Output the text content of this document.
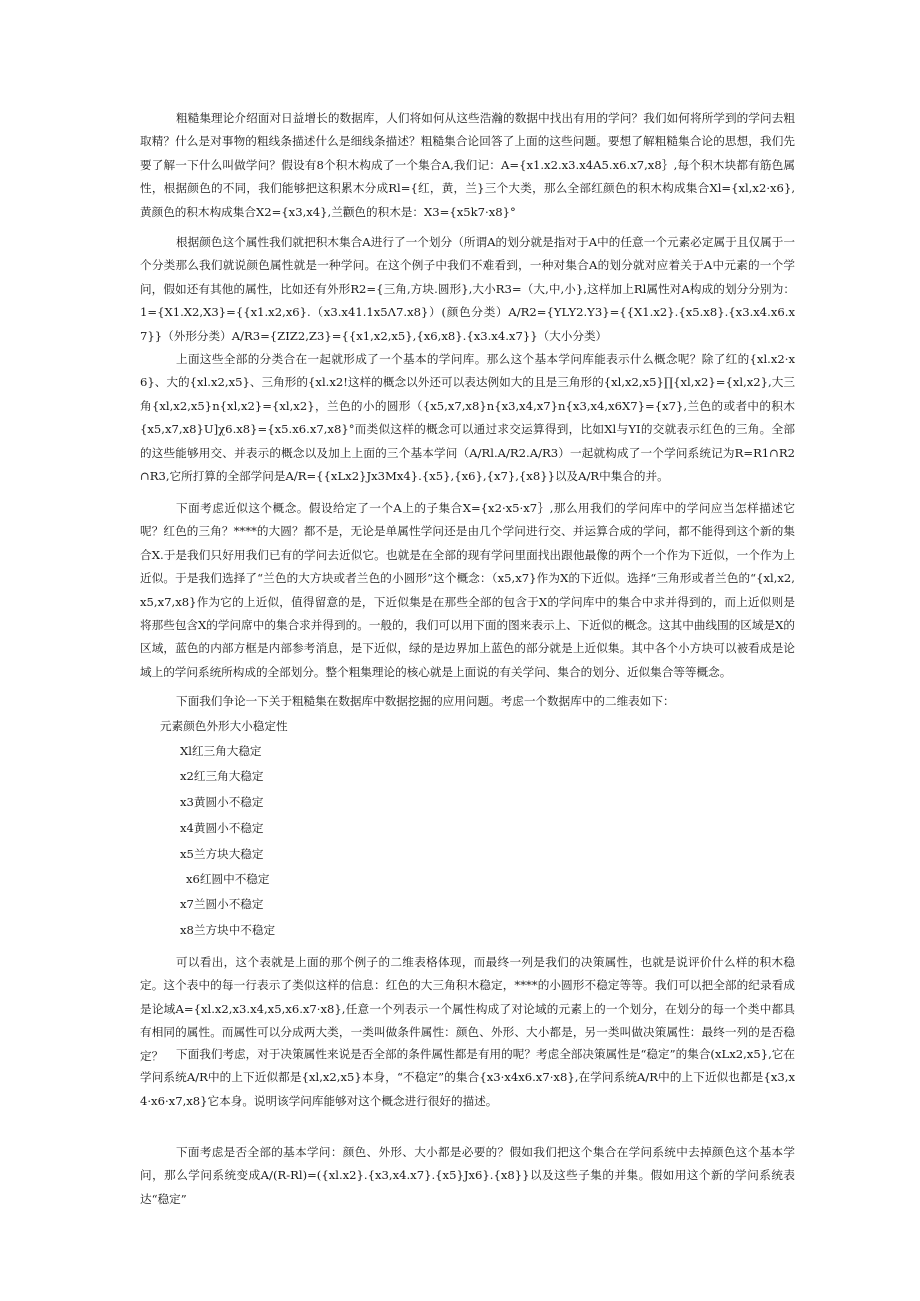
粗糙集理论介绍面对日益增长的数据库，人们将如何从这些浩瀚的数据中找出有用的学问？我们如何将所学到的学问去粗取精？什么是对事物的粗线条描述什么是细线条描述？粗糙集合论回答了上面的这些问题。要想了解粗糙集合论的思想，我们先要了解一下什么叫做学问？假设有8个积木构成了一个集合A,我们记：A={x1.x2.x3.x4A5.x6.x7,x8｝,每个积木块都有筋色属性，根据颜色的不同，我们能够把这积累木分成Rl={红，黄，兰}三个大类，那么全部红颜色的积木构成集合Xl={xl,x2·x6},黄颜色的积木构成集合X2={x3,x4},兰颧色的积木是：X3={x5k7·x8}°

根据颜色这个属性我们就把积木集合A进行了一个划分（所谓A的划分就是指对于A中的任意一个元素必定属于且仅属于一个分类那么我们就说颜色属性就是一种学问。在这个例子中我们不难看到，一种对集合A的划分就对应着关于A中元素的一个学问，假如还有其他的属性，比如还有外形R2={三角,方块.圆形},大小R3=（大,中,小},这样加上Rl属性对A构成的划分分别为：1={X1.X2,X3}={{x1.x2,x6}.（x3.x41.1x5Λ7.x8}）(颜色分类）A/R2={YLY2.Y3}={{X1.x2}.{x5.x8}.{x3.x4.x6.x7}}（外形分类）A∕R3={ZIZ2,Z3}={{x1,x2,x5},{x6,x8}.{x3.x4.x7}}（大小分类）

上面这些全部的分类合在一起就形成了一个基本的学问库。那么这个基本学问库能表示什么概念呢？除了红的{xl.x2·x6}、大的{xl.x2,x5}、三角形的{xl.x2!这样的概念以外还可以表达例如大的且是三角形的{xl,x2,x5}∏{xl,x2}={xl,x2},大三角{xl,x2,x5}n{xl,x2}={xl,x2}，兰色的小的圆形（{x5,x7,x8}n{x3,x4,x7}n{x3,x4,x6X7}={x7},兰色的或者中的积木{x5,x7,x8}U]χ6.x8}={x5.x6.x7,x8}°而类似这样的概念可以通过求交运算得到，比如Xl与YI的交就表示红色的三角。全部的这些能够用交、并表示的概念以及加上上面的三个基本学问（A/Rl.A/R2.A/R3）一起就构成了一个学问系统记为R=R1∩R2∩R3,它所打算的全部学问是A∕R={{xLx2}Jx3Mx4}.{x5},{x6},{x7},{x8}}以及A/R中集合的并。

下面考虑近似这个概念。假设给定了一个A上的子集合X={x2·x5·x7｝,那么用我们的学问库中的学问应当怎样描述它呢？红色的三角？****的大圆？都不是，无论是单属性学问还是由几个学问进行交、并运算合成的学问，都不能得到这个新的集合X.于是我们只好用我们已有的学问去近似它。也就是在全部的现有学问里面找出跟他最像的两个一个作为下近似，一个作为上近似。于是我们选择了“兰色的大方块或者兰色的小圆形”这个概念：（x5,x7}作为X的下近似。选择“三角形或者兰色的“{xl,x2,x5,x7,x8}作为它的上近似，值得留意的是，下近似集是在那些全部的包含于X的学问库中的集合中求并得到的，而上近似则是将那些包含X的学问席中的集合求并得到的。一般的，我们可以用下面的图来表示上、下近似的概念。这其中曲线围的区域是X的区域，蓝色的内部方框是内部参考消息，是下近似，绿的是边界加上蓝色的部分就是上近似集。其中各个小方块可以被看成是论域上的学问系统所构成的全部划分。整个粗集理论的核心就是上面说的有关学问、集合的划分、近似集合等等概念。

下面我们争论一下关于粗糙集在数据库中数据挖掘的应用问题。考虑一个数据库中的二维表如下：

元素颜色外形大小稳定性
Xl红三角大稳定
x2红三角大稳定
x3黄圆小不稳定
x4黄圆小不稳定
x5兰方块大稳定
x6红圆中不稳定
x7兰圆小不稳定
x8兰方块中不稳定

可以看出，这个表就是上面的那个例子的二维表格体现，而最终一列是我们的决策属性，也就是说评价什么样的积木稳定。这个表中的每一行表示了类似这样的信息：红色的大三角积木稳定，****的小圆形不稳定等等。我们可以把全部的纪录看成是论域A={xl.x2,x3.x4,x5,x6.x7·x8},任意一个列表示一个属性构成了对论域的元素上的一个划分，在划分的每一个类中都具有相同的属性。而属性可以分成两大类，一类叫做条件属性：颜色、外形、大小都是，另一类叫做决策属性：最终一列的是否稳定？	下面我们考虑，对于决策属性来说是否全部的条件属性都是有用的呢？考虑全部决策属性是“稳定”的集合(xLx2,x5},它在学问系统A/R中的上下近似都是{xl,x2,x5}本身，“不稳定”的集合{x3·x4x6.x7·x8},在学问系统A/R中的上下近似也都是{x3,x4·x6·x7,x8}它本身。说明该学问库能够对这个概念进行很好的描述。

下面考虑是否全部的基本学问：颜色、外形、大小都是必要的？假如我们把这个集合在学问系统中去掉颜色这个基本学问，那么学问系统变成A/(R-Rl)=({xl.x2}.{x3,x4.x7}.{x5}Jx6}.{x8}}以及这些子集的并集。假如用这个新的学问系统表达“稳定”
